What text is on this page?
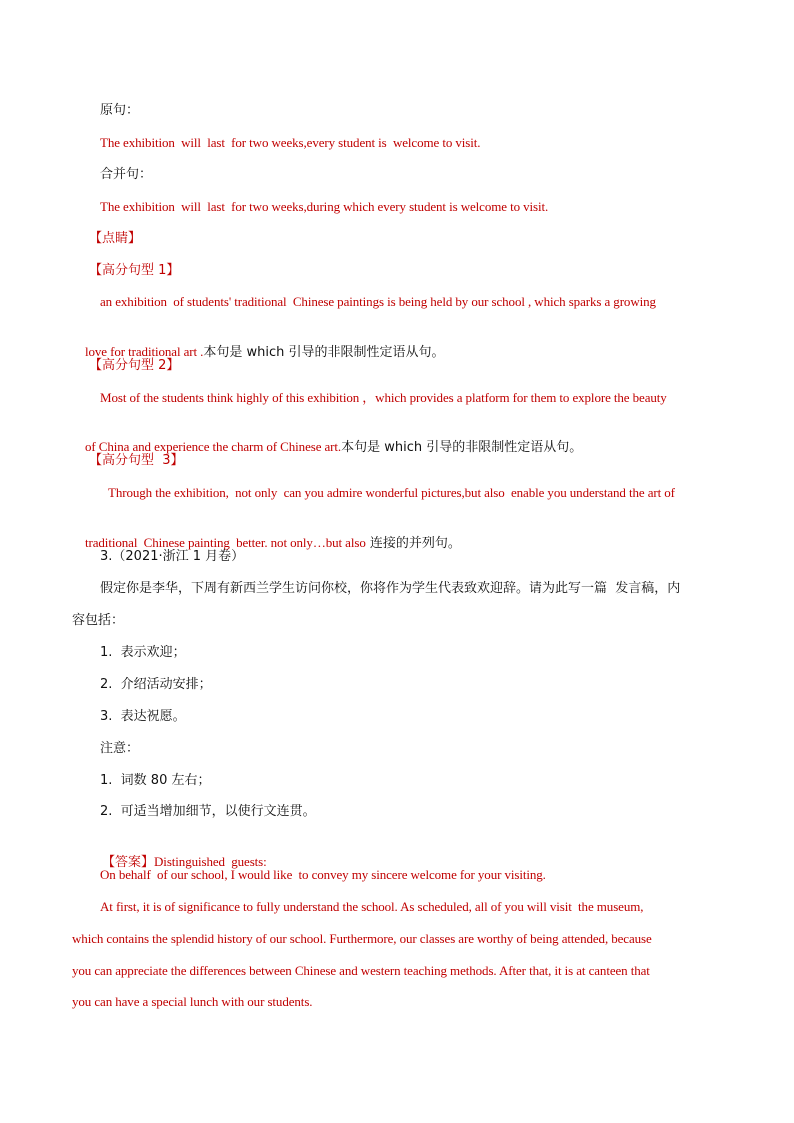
原句：
The exhibition  will  last  for two weeks,every student is  welcome to visit.
合并句：
The exhibition  will  last  for two weeks,during which every student is welcome to visit.
【点睛】
【高分句型 1】
an exhibition  of students' traditional  Chinese paintings is being held by our school , which sparks a growing

love for traditional art .本句是 which 引导的非限制性定语从句。

【高分句型 2】
Most of the students think highly of this exhibition ，which provides a platform for them to explore the beauty

of China and experience the charm of Chinese art.本句是 which 引导的非限制性定语从句。

【高分句型  3】
Through the exhibition,  not only  can you admire wonderful pictures,but also  enable you understand the art of

traditional  Chinese painting  better. not only…but also 连接的并列句。

3.（2021·浙江 1 月卷）
假定你是李华，下周有新西兰学生访问你校，你将作为学生代表致欢迎辞。请为此写一篇  发言稿，内
容包括：
1.  表示欢迎；
2.  介绍活动安排；
3.  表达祝愿。
注意：
1.  词数 80 左右；
2.  可适当增加细节，以使行文连贯。

【答案】Distinguished  guests:

On behalf  of our school, I would like  to convey my sincere welcome for your visiting.
At first, it is of significance to fully understand the school. As scheduled, all of you will visit  the museum,
which contains the splendid history of our school. Furthermore, our classes are worthy of being attended, because
you can appreciate the differences between Chinese and western teaching methods. After that, it is at canteen that
you can have a special lunch with our students.
